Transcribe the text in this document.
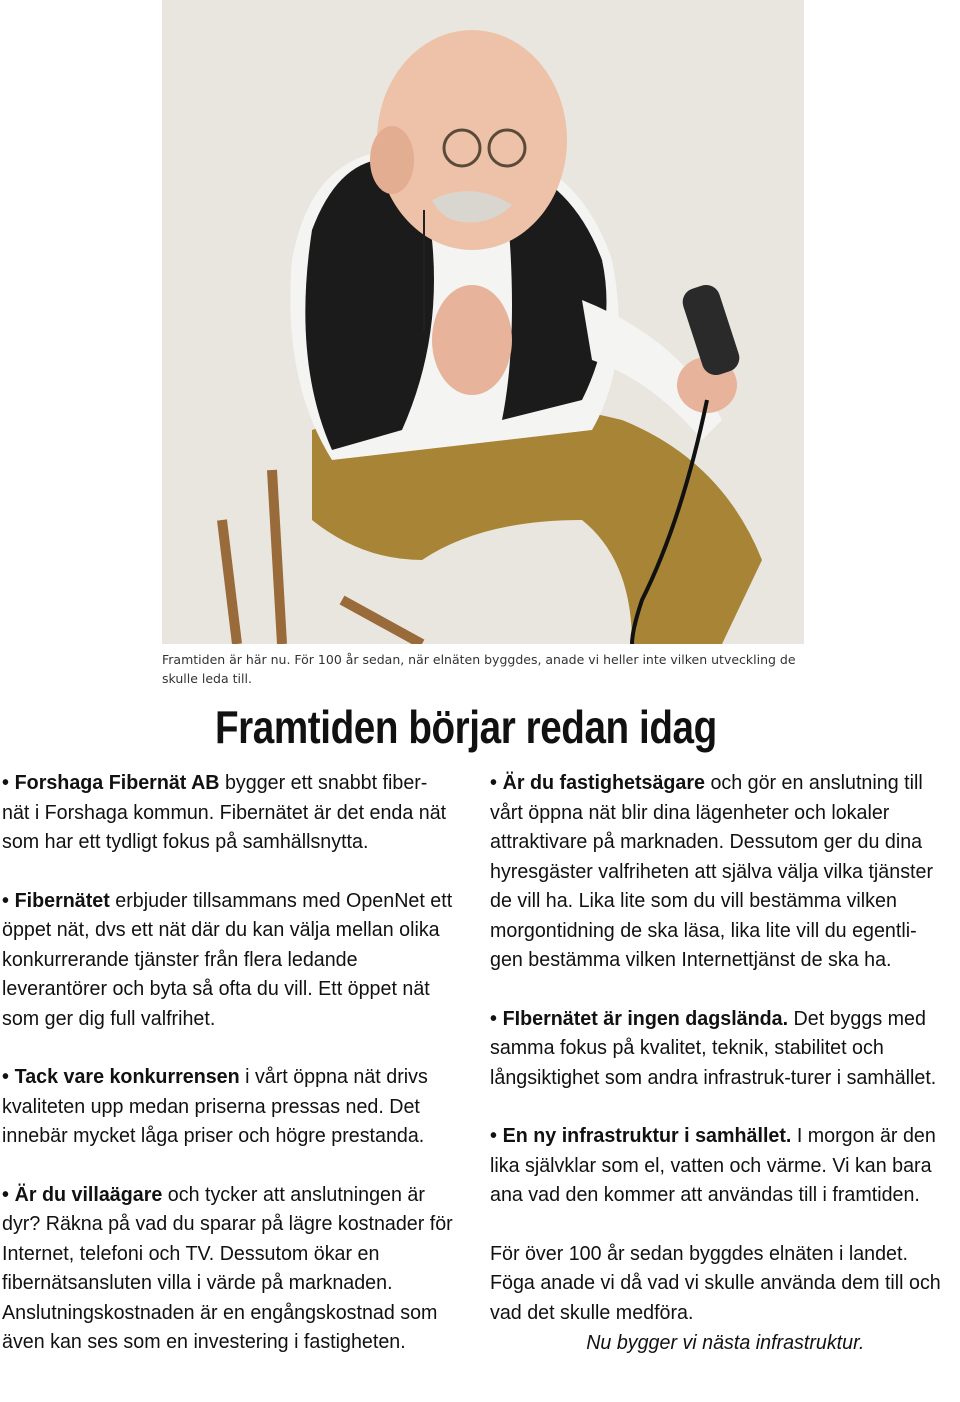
Framtiden är här nu. För 100 år sedan, när elnäten byggdes, anade vi heller inte vilken utveckling de skulle leda till.
Framtiden börjar redan idag

• Forshaga Fibernät AB bygger ett snabbt fiber-nät i Forshaga kommun. Fibernätet är det enda nät som har ett tydligt fokus på samhällsnytta.

• Fibernätet erbjuder tillsammans med OpenNet ett öppet nät, dvs ett nät där du kan välja mellan olika konkurrerande tjänster från flera ledande leverantörer och byta så ofta du vill. Ett öppet nät som ger dig full valfrihet.

• Tack vare konkurrensen i vårt öppna nät drivs kvaliteten upp medan priserna pressas ned. Det innebär mycket låga priser och högre prestanda.

• Är du villaägare och tycker att anslutningen är dyr? Räkna på vad du sparar på lägre kostnader för Internet, telefoni och TV. Dessutom ökar en fibernätsansluten villa i värde på marknaden. Anslutningskostnaden är en engångskostnad som även kan ses som en investering i fastigheten.

• Är du fastighetsägare och gör en anslutning till vårt öppna nät blir dina lägenheter och lokaler attraktivare på marknaden. Dessutom ger du dina hyresgäster valfriheten att själva välja vilka tjänster de vill ha. Lika lite som du vill bestämma vilken morgontidning de ska läsa, lika lite vill du egentli-gen bestämma vilken Internettjänst de ska ha.

• FIbernätet är ingen dagslända. Det byggs med samma fokus på kvalitet, teknik, stabilitet och långsiktighet som andra infrastruk-turer i samhället.

• En ny infrastruktur i samhället. I morgon är den lika självklar som el, vatten och värme. Vi kan bara ana vad den kommer att användas till i framtiden.

För över 100 år sedan byggdes elnäten i landet. Föga anade vi då vad vi skulle använda dem till och vad det skulle medföra.

Nu bygger vi nästa infrastruktur.
